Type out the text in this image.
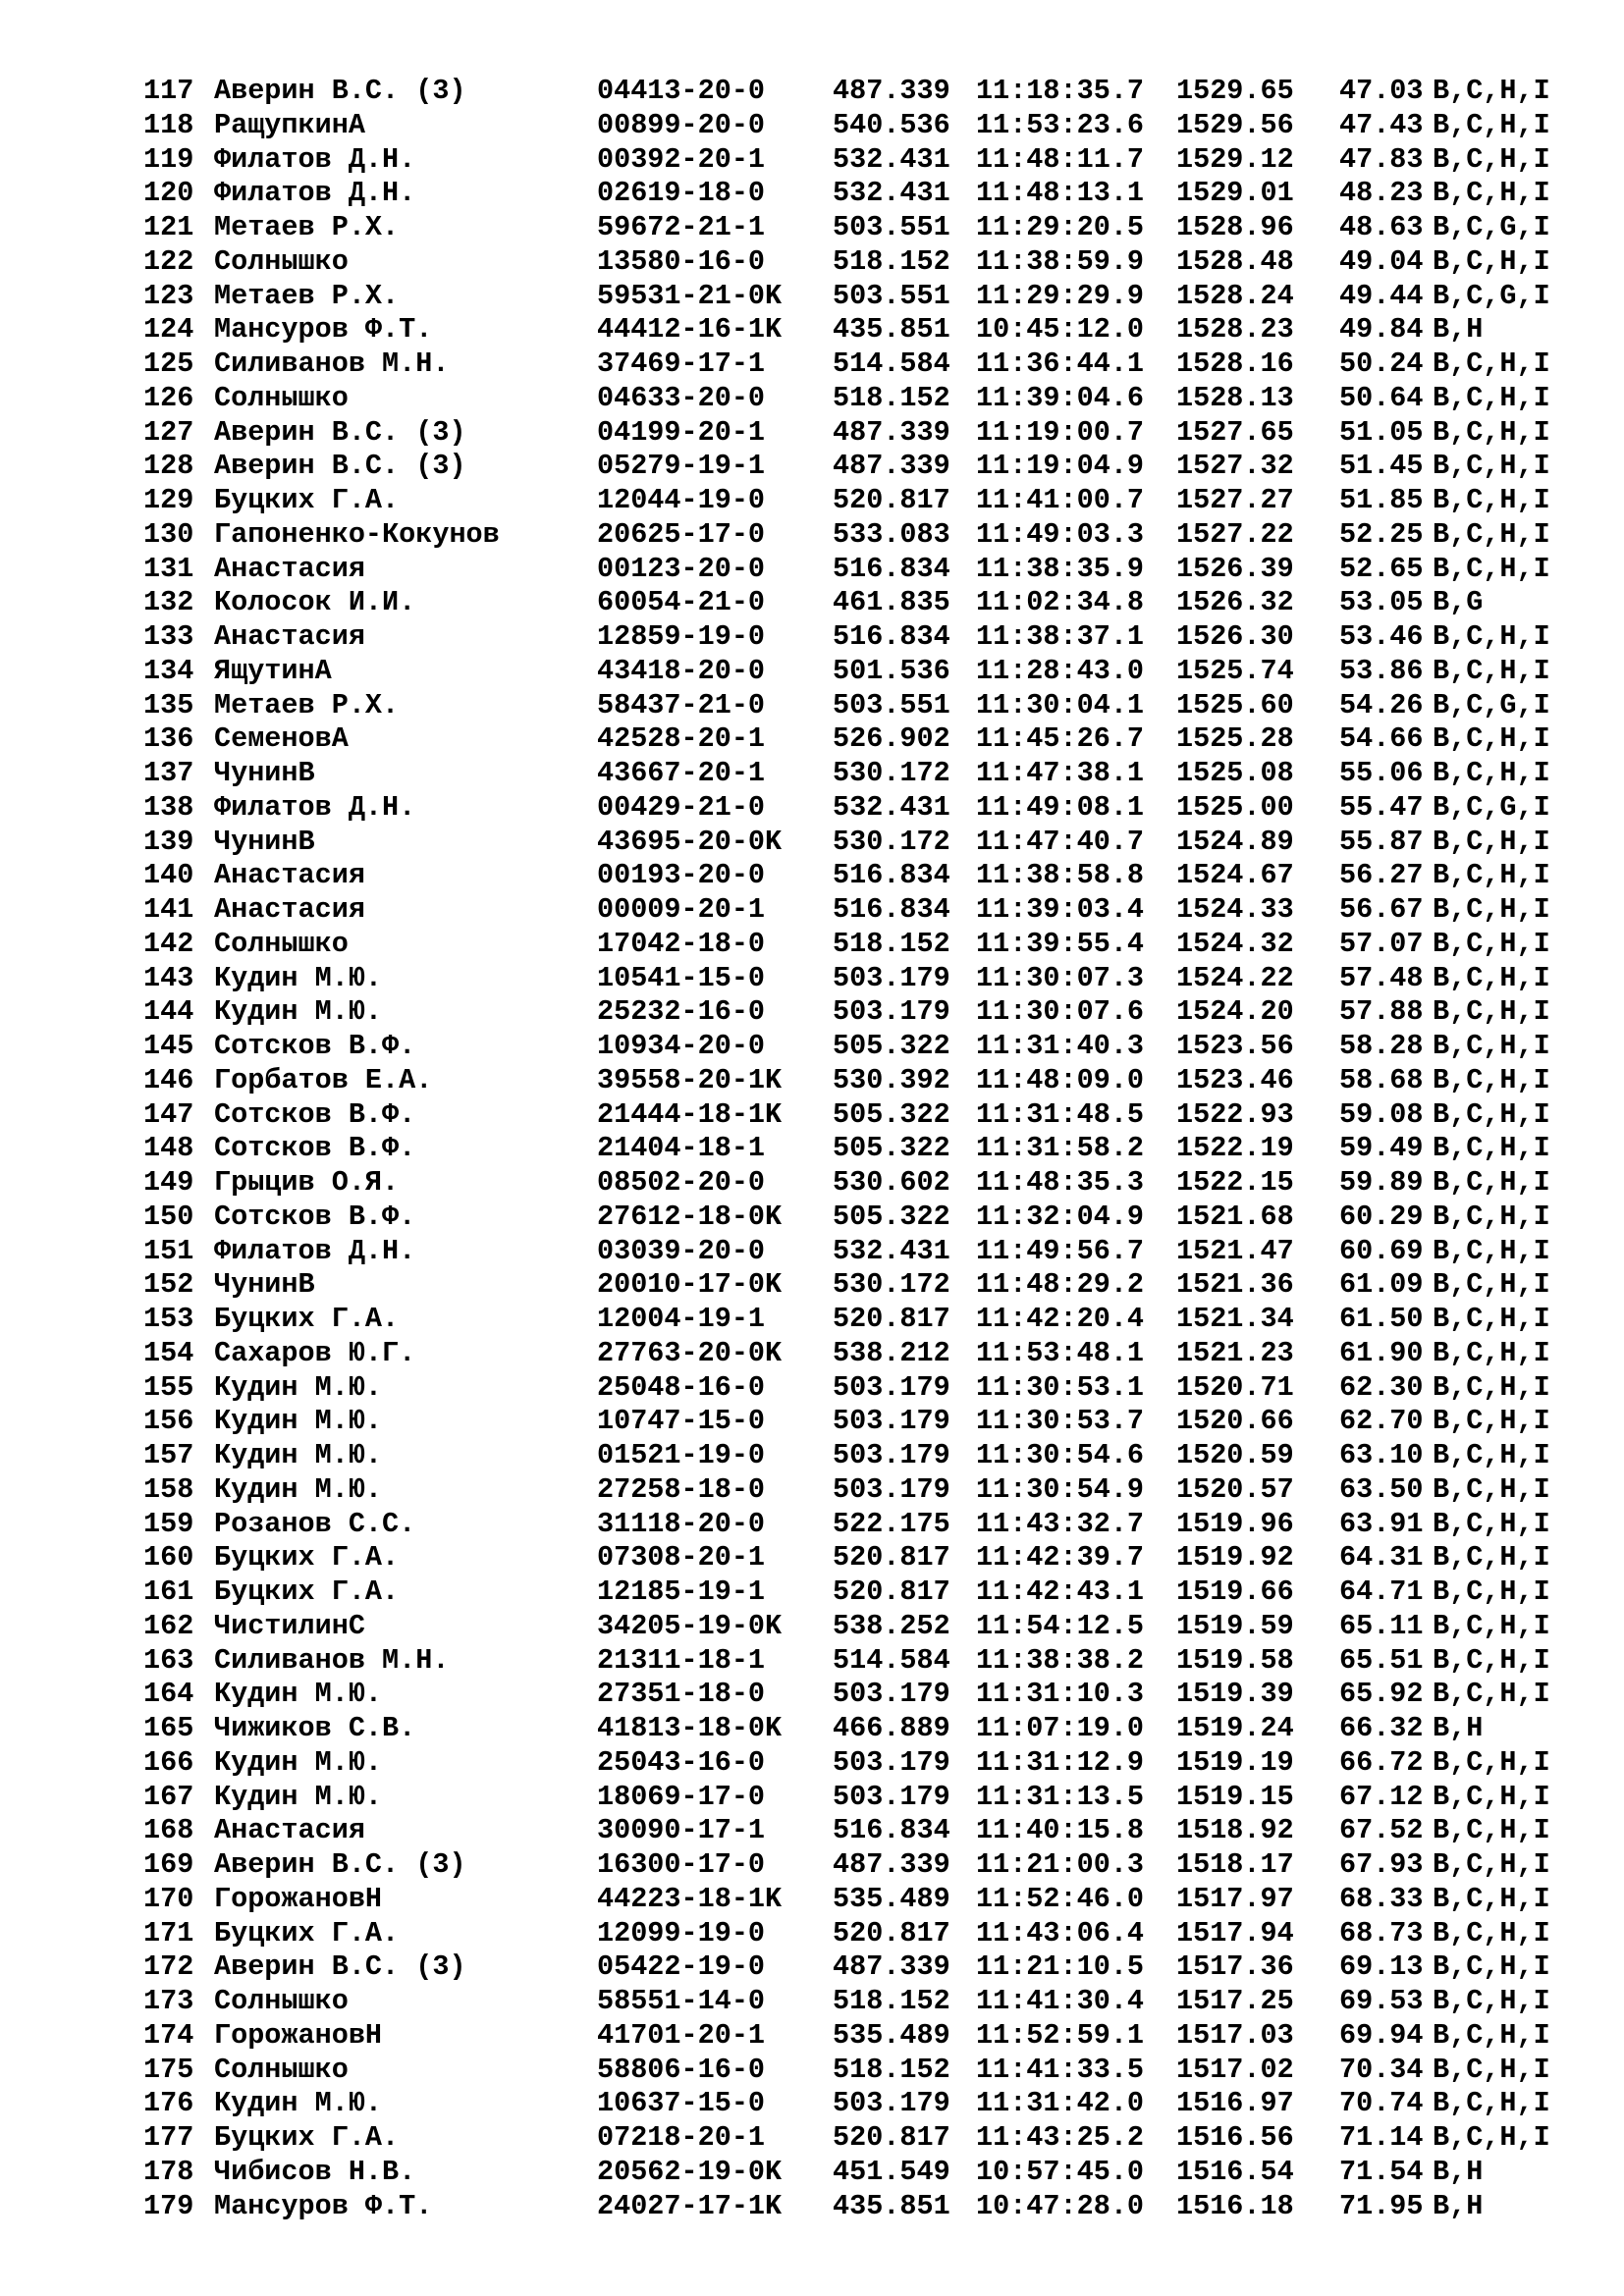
117 Аверин В.С. (3)	04413-20-0 487.339 11:18:35.7 1529.65 47.03 B,C,H,I
118 РащупкинА	00899-20-0 540.536 11:53:23.6 1529.56 47.43 B,C,H,I
119 Филатов Д.Н.	00392-20-1 532.431 11:48:11.7 1529.12 47.83 B,C,H,I
120 Филатов Д.Н.	02619-18-0 532.431 11:48:13.1 1529.01 48.23 B,C,H,I
121 Метаев Р.Х.	59672-21-1 503.551 11:29:20.5 1528.96 48.63 B,C,G,I
122 Солнышко	13580-16-0 518.152 11:38:59.9 1528.48 49.04 B,C,H,I
123 Метаев Р.Х.	59531-21-0K 503.551 11:29:29.9 1528.24 49.44 B,C,G,I
124 Мансуров Ф.Т.	44412-16-1K 435.851 10:45:12.0 1528.23 49.84 B,H
125 Силиванов М.Н.	37469-17-1 514.584 11:36:44.1 1528.16 50.24 B,C,H,I
126 Солнышко	04633-20-0 518.152 11:39:04.6 1528.13 50.64 B,C,H,I
127 Аверин В.С. (3)	04199-20-1 487.339 11:19:00.7 1527.65 51.05 B,C,H,I
128 Аверин В.С. (3)	05279-19-1 487.339 11:19:04.9 1527.32 51.45 B,C,H,I
129 Буцких Г.А.	12044-19-0 520.817 11:41:00.7 1527.27 51.85 B,C,H,I
130 Гапоненко-Кокунов	20625-17-0 533.083 11:49:03.3 1527.22 52.25 B,C,H,I
131 Анастасия	00123-20-0 516.834 11:38:35.9 1526.39 52.65 B,C,H,I
132 Колосок И.И.	60054-21-0 461.835 11:02:34.8 1526.32 53.05 B,G
133 Анастасия	12859-19-0 516.834 11:38:37.1 1526.30 53.46 B,C,H,I
134 ЯщутинА	43418-20-0 501.536 11:28:43.0 1525.74 53.86 B,C,H,I
135 Метаев Р.Х.	58437-21-0 503.551 11:30:04.1 1525.60 54.26 B,C,G,I
136 СеменовА	42528-20-1 526.902 11:45:26.7 1525.28 54.66 B,C,H,I
137 ЧунинВ	43667-20-1 530.172 11:47:38.1 1525.08 55.06 B,C,H,I
138 Филатов Д.Н.	00429-21-0 532.431 11:49:08.1 1525.00 55.47 B,C,G,I
139 ЧунинВ	43695-20-0K 530.172 11:47:40.7 1524.89 55.87 B,C,H,I
140 Анастасия	00193-20-0 516.834 11:38:58.8 1524.67 56.27 B,C,H,I
141 Анастасия	00009-20-1 516.834 11:39:03.4 1524.33 56.67 B,C,H,I
142 Солнышко	17042-18-0 518.152 11:39:55.4 1524.32 57.07 B,C,H,I
143 Кудин М.Ю.	10541-15-0 503.179 11:30:07.3 1524.22 57.48 B,C,H,I
144 Кудин М.Ю.	25232-16-0 503.179 11:30:07.6 1524.20 57.88 B,C,H,I
145 Сотсков В.Ф.	10934-20-0 505.322 11:31:40.3 1523.56 58.28 B,C,H,I
146 Горбатов Е.А.	39558-20-1K 530.392 11:48:09.0 1523.46 58.68 B,C,H,I
147 Сотсков В.Ф.	21444-18-1K 505.322 11:31:48.5 1522.93 59.08 B,C,H,I
148 Сотсков В.Ф.	21404-18-1 505.322 11:31:58.2 1522.19 59.49 B,C,H,I
149 Грыцив О.Я.	08502-20-0 530.602 11:48:35.3 1522.15 59.89 B,C,H,I
150 Сотсков В.Ф.	27612-18-0K 505.322 11:32:04.9 1521.68 60.29 B,C,H,I
151 Филатов Д.Н.	03039-20-0 532.431 11:49:56.7 1521.47 60.69 B,C,H,I
152 ЧунинВ	20010-17-0K 530.172 11:48:29.2 1521.36 61.09 B,C,H,I
153 Буцких Г.А.	12004-19-1 520.817 11:42:20.4 1521.34 61.50 B,C,H,I
154 Сахаров Ю.Г.	27763-20-0K 538.212 11:53:48.1 1521.23 61.90 B,C,H,I
155 Кудин М.Ю.	25048-16-0 503.179 11:30:53.1 1520.71 62.30 B,C,H,I
156 Кудин М.Ю.	10747-15-0 503.179 11:30:53.7 1520.66 62.70 B,C,H,I
157 Кудин М.Ю.	01521-19-0 503.179 11:30:54.6 1520.59 63.10 B,C,H,I
158 Кудин М.Ю.	27258-18-0 503.179 11:30:54.9 1520.57 63.50 B,C,H,I
159 Розанов С.С.	31118-20-0 522.175 11:43:32.7 1519.96 63.91 B,C,H,I
160 Буцких Г.А.	07308-20-1 520.817 11:42:39.7 1519.92 64.31 B,C,H,I
161 Буцких Г.А.	12185-19-1 520.817 11:42:43.1 1519.66 64.71 B,C,H,I
162 ЧистилинС	34205-19-0K 538.252 11:54:12.5 1519.59 65.11 B,C,H,I
163 Силиванов М.Н.	21311-18-1 514.584 11:38:38.2 1519.58 65.51 B,C,H,I
164 Кудин М.Ю.	27351-18-0 503.179 11:31:10.3 1519.39 65.92 B,C,H,I
165 Чижиков С.В.	41813-18-0K 466.889 11:07:19.0 1519.24 66.32 B,H
166 Кудин М.Ю.	25043-16-0 503.179 11:31:12.9 1519.19 66.72 B,C,H,I
167 Кудин М.Ю.	18069-17-0 503.179 11:31:13.5 1519.15 67.12 B,C,H,I
168 Анастасия	30090-17-1 516.834 11:40:15.8 1518.92 67.52 B,C,H,I
169 Аверин В.С. (3)	16300-17-0 487.339 11:21:00.3 1518.17 67.93 B,C,H,I
170 ГорожановН	44223-18-1K 535.489 11:52:46.0 1517.97 68.33 B,C,H,I
171 Буцких Г.А.	12099-19-0 520.817 11:43:06.4 1517.94 68.73 B,C,H,I
172 Аверин В.С. (3)	05422-19-0 487.339 11:21:10.5 1517.36 69.13 B,C,H,I
173 Солнышко	58551-14-0 518.152 11:41:30.4 1517.25 69.53 B,C,H,I
174 ГорожановН	41701-20-1 535.489 11:52:59.1 1517.03 69.94 B,C,H,I
175 Солнышко	58806-16-0 518.152 11:41:33.5 1517.02 70.34 B,C,H,I
176 Кудин М.Ю.	10637-15-0 503.179 11:31:42.0 1516.97 70.74 B,C,H,I
177 Буцких Г.А.	07218-20-1 520.817 11:43:25.2 1516.56 71.14 B,C,H,I
178 Чибисов Н.В.	20562-19-0K 451.549 10:57:45.0 1516.54 71.54 B,H
179 Мансуров Ф.Т.	24027-17-1K 435.851 10:47:28.0 1516.18 71.95 B,H
